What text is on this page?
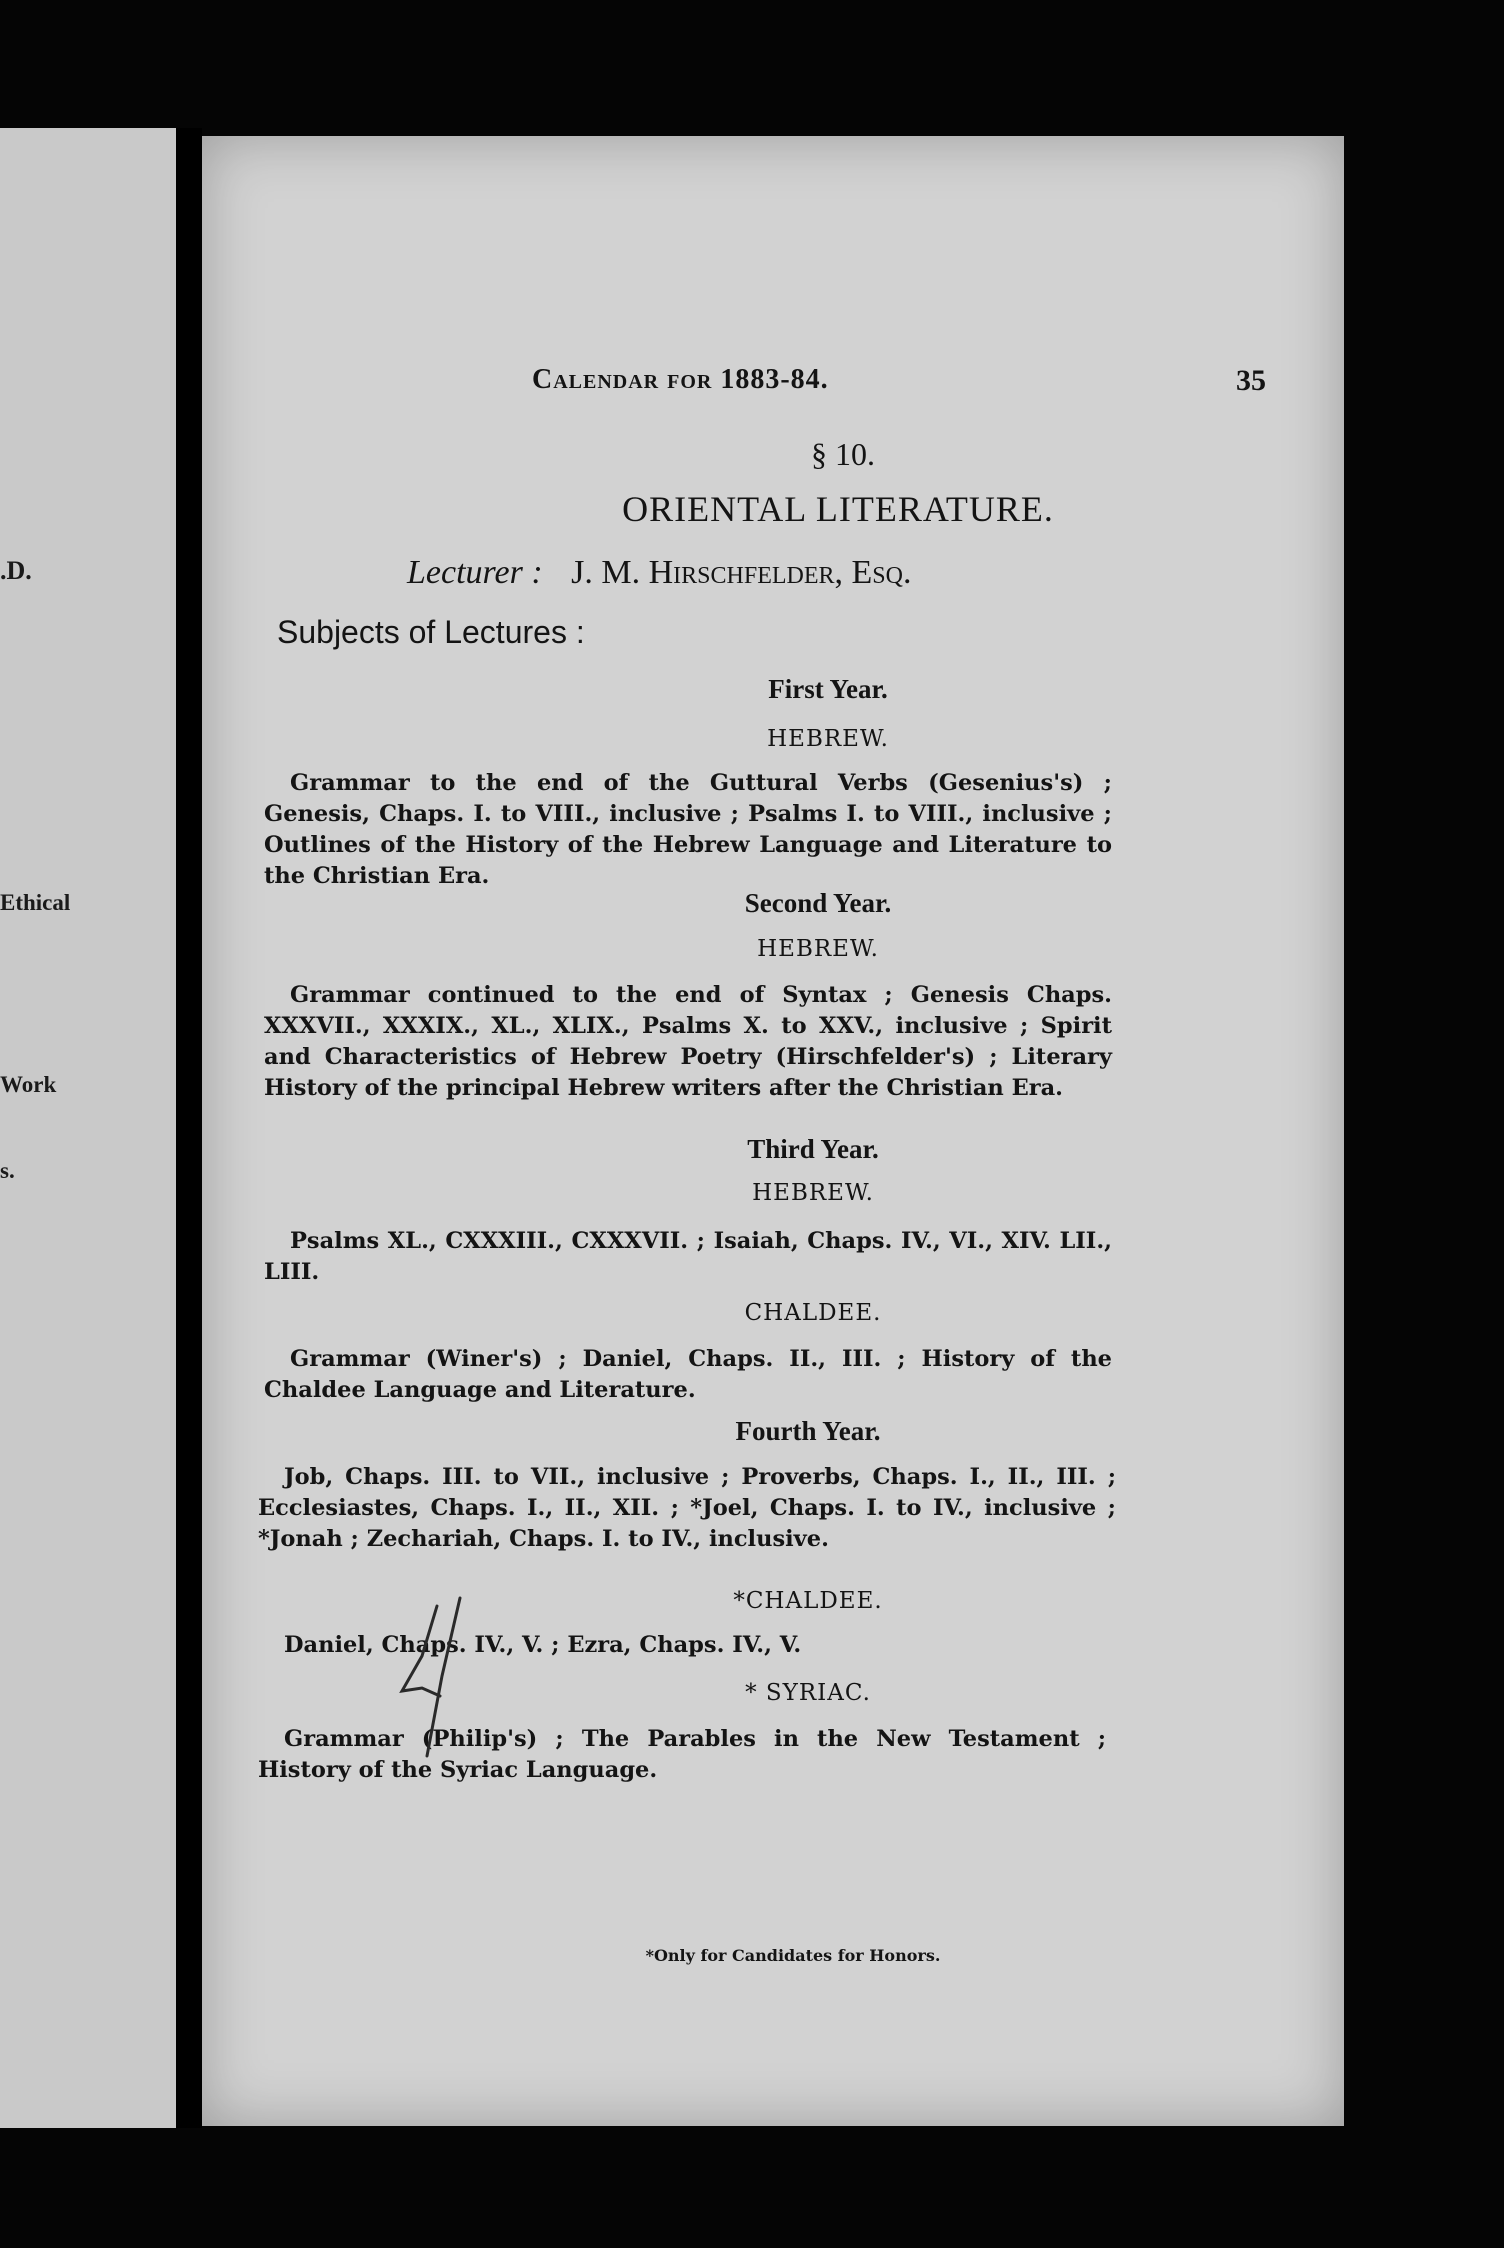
.D.
Ethical
Work
s.
Calendar for 1883-84.	35
§ 10.
ORIENTAL LITERATURE.
Lecturer : J. M. Hirschfelder, Esq.
Subjects of Lectures :
First Year.
HEBREW.
Grammar to the end of the Guttural Verbs (Gesenius's) ; Genesis, Chaps. I. to VIII., inclusive ; Psalms I. to VIII., inclusive ; Outlines of the History of the Hebrew Language and Literature to the Christian Era.
Second Year.
HEBREW.
Grammar continued to the end of Syntax ; Genesis Chaps. XXXVII., XXXIX., XL., XLIX., Psalms X. to XXV., inclusive ; Spirit and Characteristics of Hebrew Poetry (Hirschfelder's) ; Literary History of the principal Hebrew writers after the Christian Era.
Third Year.
HEBREW.
Psalms XL., CXXXIII., CXXXVII. ; Isaiah, Chaps. IV., VI., XIV. LII., LIII.
CHALDEE.
Grammar (Winer's) ; Daniel, Chaps. II., III. ; History of the Chaldee Language and Literature.
Fourth Year.
Job, Chaps. III. to VII., inclusive ; Proverbs, Chaps. I., II., III. ; Ecclesiastes, Chaps. I., II., XII. ; *Joel, Chaps. I. to IV., inclusive ; *Jonah ; Zechariah, Chaps. I. to IV., inclusive.
*CHALDEE.
Daniel, Chaps. IV., V. ; Ezra, Chaps. IV., V.
* SYRIAC.
Grammar (Philip's) ; The Parables in the New Testament ; History of the Syriac Language.
*Only for Candidates for Honors.
